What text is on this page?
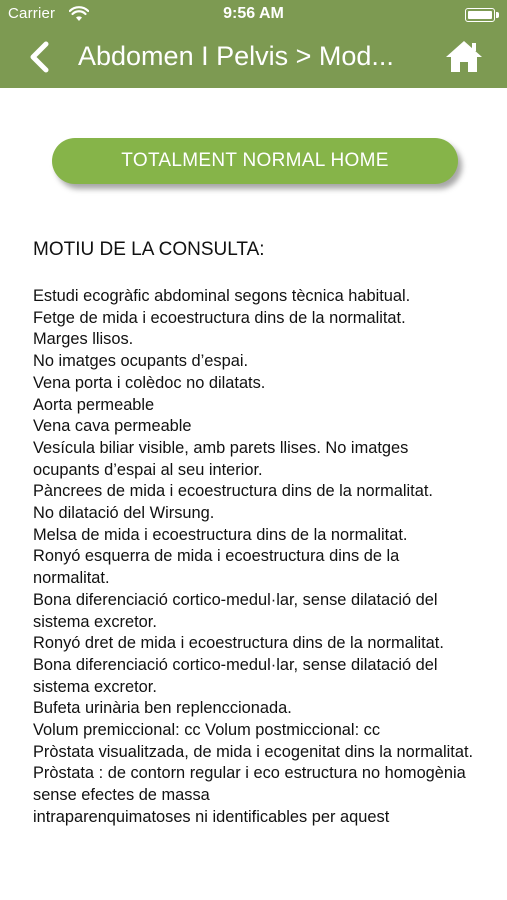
Carrier	9:56 AM
Abdomen I Pelvis > Mod...
TOTALMENT NORMAL HOME
MOTIU DE LA CONSULTA:

Estudi ecogràfic abdominal segons tècnica habitual.

Fetge de mida i ecoestructura dins de la normalitat.

Marges llisos.

No imatges ocupants d’espai.

Vena porta i colèdoc no dilatats.

Aorta permeable

Vena cava permeable

Vesícula biliar visible, amb parets llises. No imatges ocupants d’espai al seu interior.

Pàncrees de mida i ecoestructura dins de la normalitat.

No dilatació del Wirsung.

Melsa de mida i ecoestructura dins de la normalitat.

Ronyó esquerra de mida i ecoestructura dins de la normalitat.

Bona diferenciació cortico-medul·lar, sense dilatació del sistema excretor.

Ronyó dret de mida i ecoestructura dins de la normalitat.

Bona diferenciació cortico-medul·lar, sense dilatació del sistema excretor.

Bufeta urinària ben replenccionada.

Volum premiccional: cc Volum postmiccional: cc

Pròstata visualitzada, de mida i ecogenitat dins la normalitat.

Pròstata : de contorn regular i eco estructura no homogènia sense efectes de massa

intraparenquimatoses ni identificables per aquest
